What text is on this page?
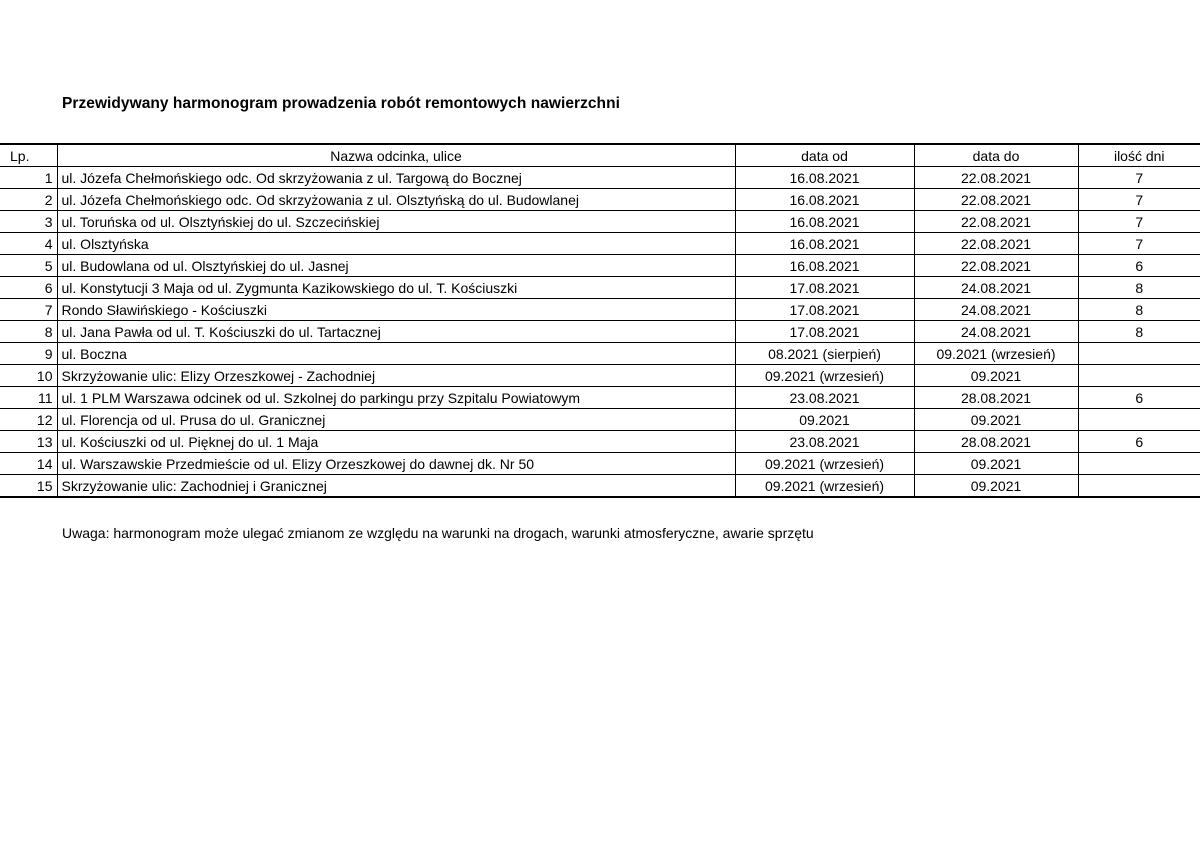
Przewidywany harmonogram prowadzenia robót remontowych nawierzchni
Lp.	Nazwa odcinka, ulice	data od	data do	ilość dni
1	ul. Józefa Chełmońskiego odc. Od skrzyżowania z ul. Targową do Bocznej	16.08.2021	22.08.2021	7
2	ul. Józefa Chełmońskiego odc. Od skrzyżowania z ul. Olsztyńską do ul. Budowlanej	16.08.2021	22.08.2021	7
3	ul. Toruńska od ul. Olsztyńskiej do ul. Szczecińskiej	16.08.2021	22.08.2021	7
4	ul. Olsztyńska	16.08.2021	22.08.2021	7
5	ul. Budowlana od ul. Olsztyńskiej do ul. Jasnej	16.08.2021	22.08.2021	6
6	ul. Konstytucji 3 Maja od ul. Zygmunta Kazikowskiego do ul. T. Kościuszki	17.08.2021	24.08.2021	8
7	Rondo Sławińskiego - Kościuszki	17.08.2021	24.08.2021	8
8	ul. Jana Pawła od ul. T. Kościuszki do ul. Tartacznej	17.08.2021	24.08.2021	8
9	ul. Boczna	08.2021 (sierpień)	09.2021 (wrzesień)	
10	Skrzyżowanie ulic: Elizy Orzeszkowej - Zachodniej	09.2021 (wrzesień)	09.2021	
11	ul. 1 PLM Warszawa odcinek od ul. Szkolnej do parkingu przy Szpitalu Powiatowym	23.08.2021	28.08.2021	6
12	ul. Florencja od ul. Prusa do ul. Granicznej	09.2021	09.2021	
13	ul. Kościuszki od ul. Pięknej do ul. 1 Maja	23.08.2021	28.08.2021	6
14	ul. Warszawskie Przedmieście od ul. Elizy Orzeszkowej do dawnej dk. Nr 50	09.2021 (wrzesień)	09.2021	
15	Skrzyżowanie ulic: Zachodniej i Granicznej	09.2021 (wrzesień)	09.2021	
Uwaga: harmonogram może ulegać zmianom ze względu na warunki na drogach, warunki atmosferyczne, awarie sprzętu
